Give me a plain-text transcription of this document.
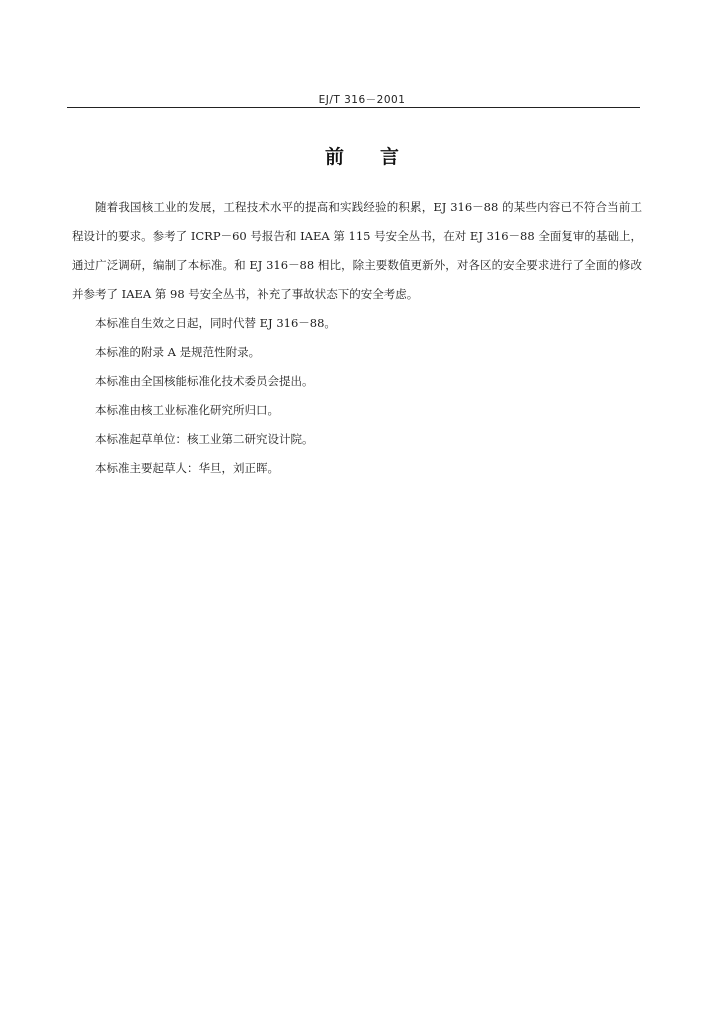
EJ/T 316－2001
前 言

随着我国核工业的发展，工程技术水平的提高和实践经验的积累，EJ 316－88 的某些内容已不符合当前工程设计的要求。参考了 ICRP－60 号报告和 IAEA 第 115 号安全丛书，在对 EJ 316－88 全面复审的基础上，通过广泛调研，编制了本标准。和 EJ 316－88 相比，除主要数值更新外，对各区的安全要求进行了全面的修改并参考了 IAEA 第 98 号安全丛书，补充了事故状态下的安全考虑。

本标准自生效之日起，同时代替 EJ 316－88。

本标准的附录 A 是规范性附录。

本标准由全国核能标准化技术委员会提出。

本标准由核工业标准化研究所归口。

本标准起草单位：核工业第二研究设计院。

本标准主要起草人：华旦，刘正晖。
